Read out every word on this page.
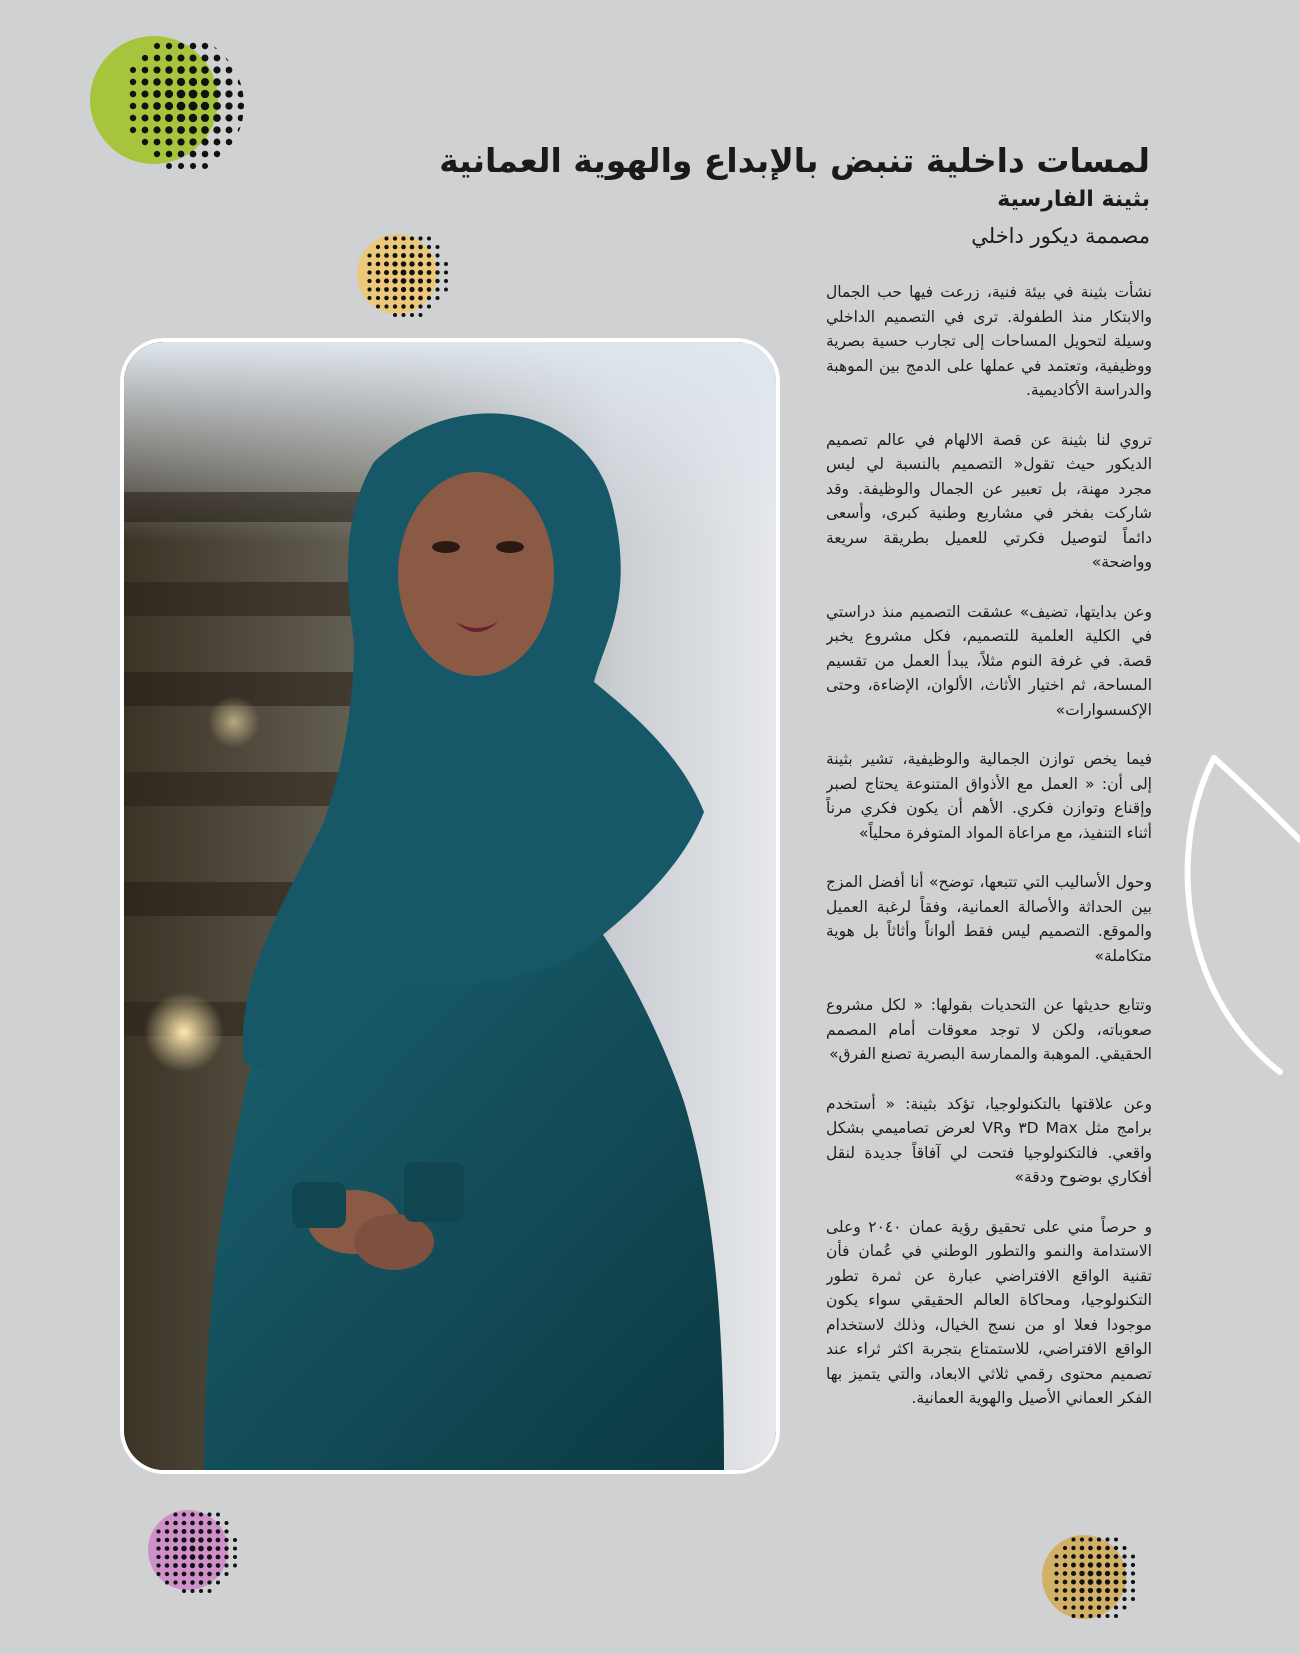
لمسات داخلية تنبض بالإبداع والهوية العمانية
بثينة الفارسية
مصممة ديكور داخلي

نشأت بثينة في بيئة فنية، زرعت فيها حب الجمال والابتكار منذ الطفولة. ترى في التصميم الداخلي وسيلة لتحويل المساحات إلى تجارب حسية بصرية ووظيفية، وتعتمد في عملها على الدمج بين الموهبة والدراسة الأكاديمية.

تروي لنا بثينة عن قصة الالهام في عالم تصميم الديكور حيث تقول« التصميم بالنسبة لي ليس مجرد مهنة، بل تعبير عن الجمال والوظيفة. وقد شاركت بفخر في مشاريع وطنية كبرى، وأسعى دائماً لتوصيل فكرتي للعميل بطريقة سريعة وواضحة»

وعن بدايتها، تضيف» عشقت التصميم منذ دراستي في الكلية العلمية للتصميم، فكل مشروع يخبر قصة. في غرفة النوم مثلاً، يبدأ العمل من تقسيم المساحة، ثم اختيار الأثاث، الألوان، الإضاءة، وحتى الإكسسوارات»

فيما يخص توازن الجمالية والوظيفية، تشير بثينة إلى أن: « العمل مع الأذواق المتنوعة يحتاج لصبر وإقناع وتوازن فكري. الأهم أن يكون فكري مرناً أثناء التنفيذ، مع مراعاة المواد المتوفرة محلياً»

وحول الأساليب التي تتبعها، توضح» أنا أفضل المزج بين الحداثة والأصالة العمانية، وفقاً لرغبة العميل والموقع. التصميم ليس فقط ألواناً وأثاثاً بل هوية متكاملة»

وتتابع حديثها عن التحديات بقولها: « لكل مشروع صعوباته، ولكن لا توجد معوقات أمام المصمم الحقيقي. الموهبة والممارسة البصرية تصنع الفرق»

وعن علاقتها بالتكنولوجيا، تؤكد بثينة: « أستخدم برامج مثل ٣D Max وVR لعرض تصاميمي بشكل واقعي. فالتكنولوجيا فتحت لي آفاقاً جديدة لنقل أفكاري بوضوح ودقة»

و حرصاً مني على تحقيق رؤية عمان ٢٠٤٠ وعلى الاستدامة والنمو والتطور الوطني في عُمان فأن تقنية الواقع الافتراضي عبارة عن ثمرة تطور التكنولوجيا، ومحاكاة العالم الحقيقي سواء يكون موجودا فعلا او من نسج الخيال، وذلك لاستخدام الواقع الافتراضي، للاستمتاع بتجربة اكثر ثراء عند تصميم محتوى رقمي ثلاثي الابعاد، والتي يتميز بها الفكر العماني الأصيل والهوية العمانية.
